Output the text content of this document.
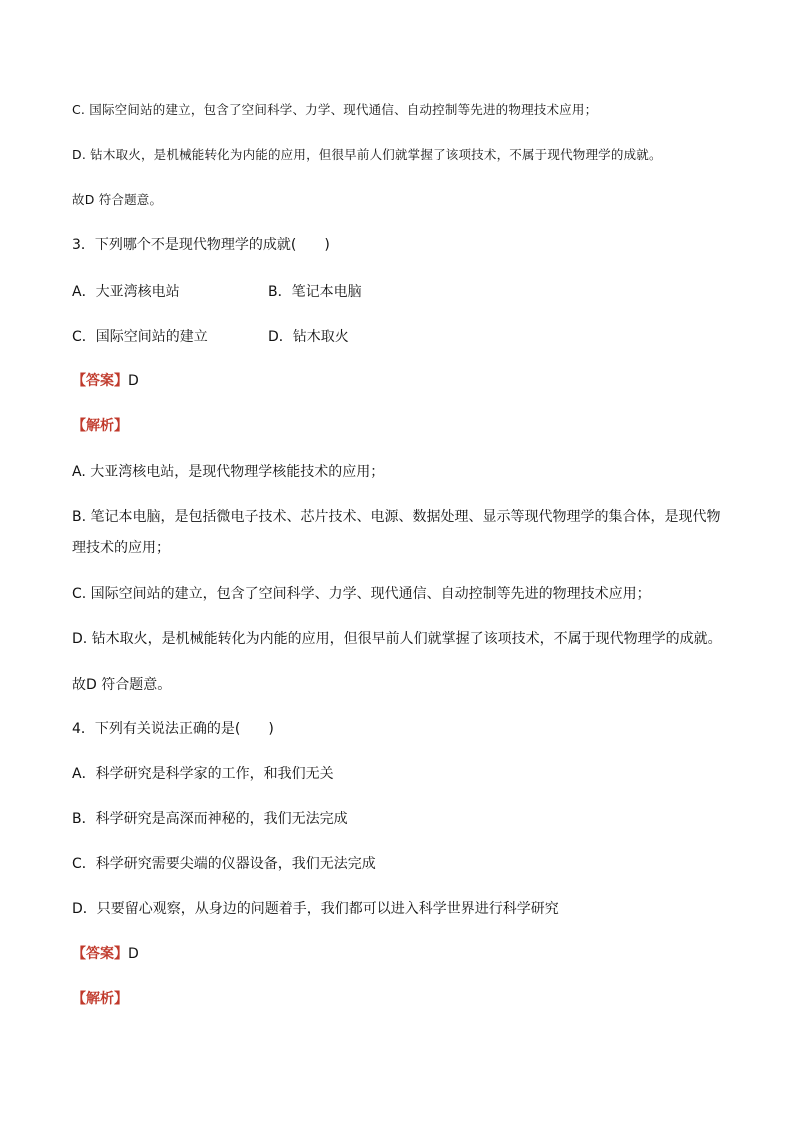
C. 国际空间站的建立，包含了空间科学、力学、现代通信、自动控制等先进的物理技术应用；
D. 钻木取火，是机械能转化为内能的应用，但很早前人们就掌握了该项技术，不属于现代物理学的成就。
故D 符合题意。
3．下列哪个不是现代物理学的成就(　　)
A．大亚湾核电站	B．笔记本电脑
C．国际空间站的建立	D．钻木取火
【答案】D
【解析】
A. 大亚湾核电站，是现代物理学核能技术的应用；
B. 笔记本电脑，是包括微电子技术、芯片技术、电源、数据处理、显示等现代物理学的集合体，是现代物
理技术的应用；
C. 国际空间站的建立，包含了空间科学、力学、现代通信、自动控制等先进的物理技术应用；
D. 钻木取火，是机械能转化为内能的应用，但很早前人们就掌握了该项技术，不属于现代物理学的成就。
故D 符合题意。
4．下列有关说法正确的是(　　)
A．科学研究是科学家的工作，和我们无关
B．科学研究是高深而神秘的，我们无法完成
C．科学研究需要尖端的仪器设备，我们无法完成
D．只要留心观察，从身边的问题着手，我们都可以进入科学世界进行科学研究
【答案】D
【解析】
